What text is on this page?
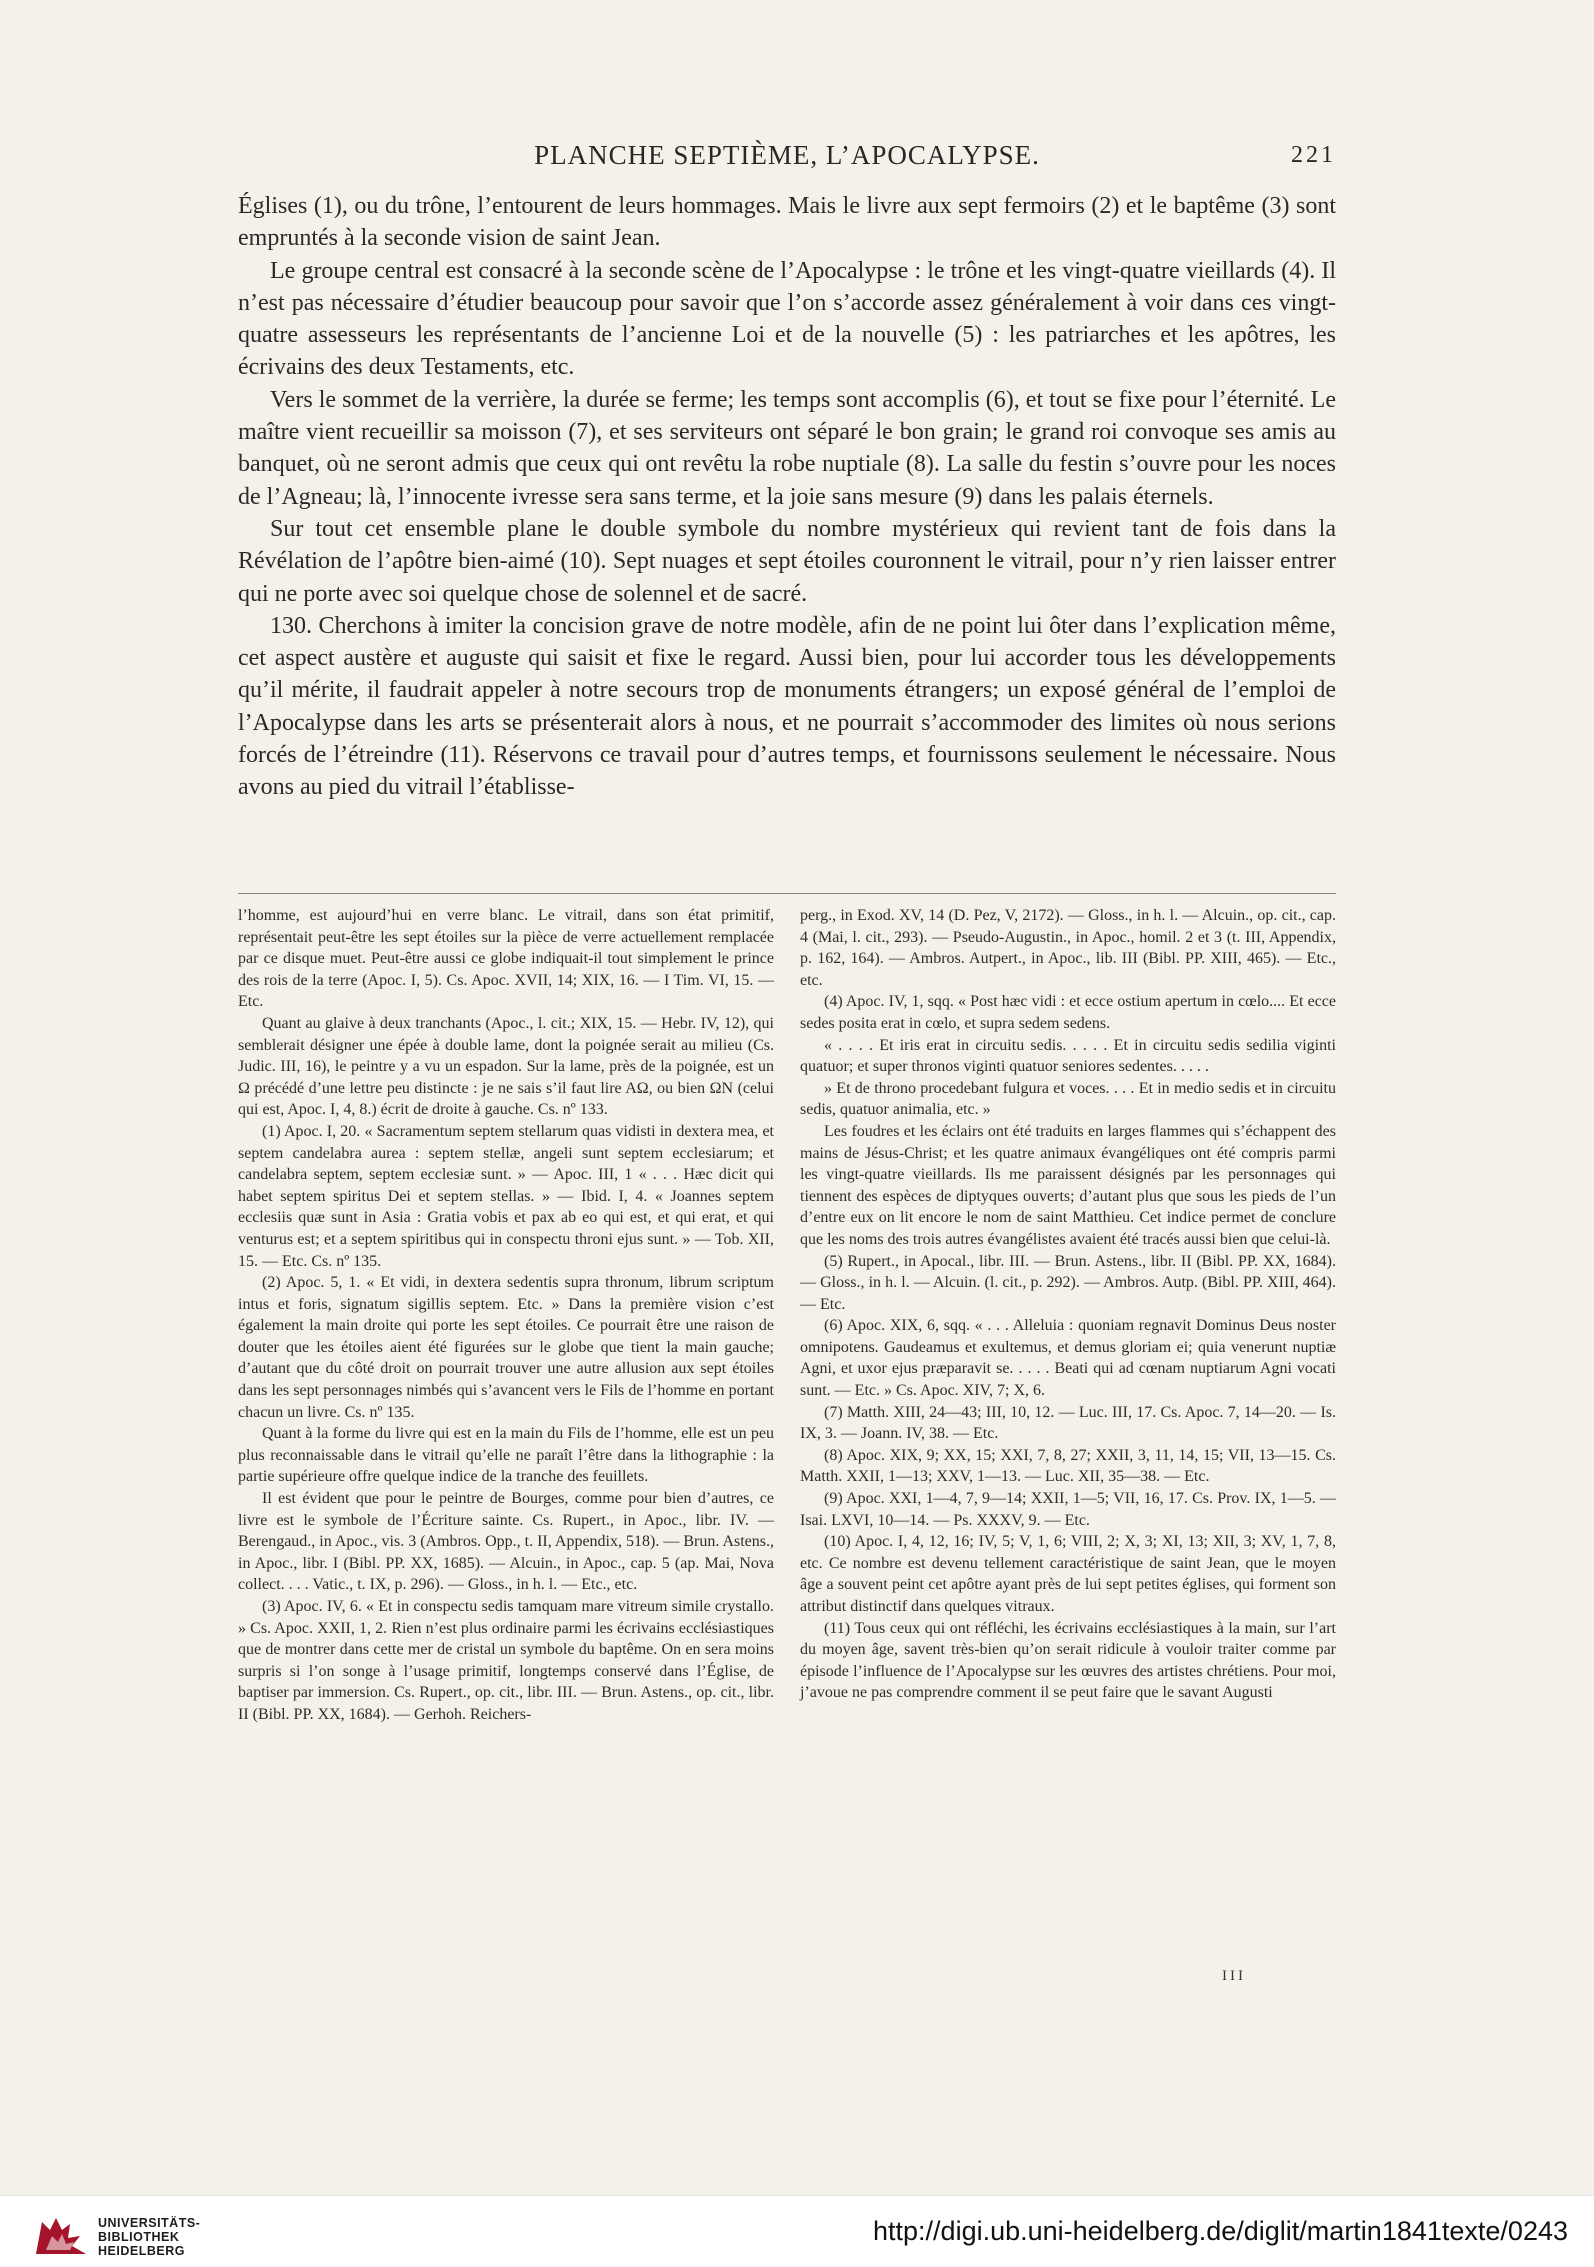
PLANCHE SEPTIÈME, L’APOCALYPSE.	221

Églises (1), ou du trône, l’entourent de leurs hommages. Mais le livre aux sept fermoirs (2) et le baptême (3) sont empruntés à la seconde vision de saint Jean.

Le groupe central est consacré à la seconde scène de l’Apocalypse : le trône et les vingt-quatre vieillards (4). Il n’est pas nécessaire d’étudier beaucoup pour savoir que l’on s’accorde assez généralement à voir dans ces vingt-quatre assesseurs les représentants de l’ancienne Loi et de la nouvelle (5) : les patriarches et les apôtres, les écrivains des deux Testaments, etc.

Vers le sommet de la verrière, la durée se ferme; les temps sont accomplis (6), et tout se fixe pour l’éternité. Le maître vient recueillir sa moisson (7), et ses serviteurs ont séparé le bon grain; le grand roi convoque ses amis au banquet, où ne seront admis que ceux qui ont revêtu la robe nuptiale (8). La salle du festin s’ouvre pour les noces de l’Agneau; là, l’innocente ivresse sera sans terme, et la joie sans mesure (9) dans les palais éternels.

Sur tout cet ensemble plane le double symbole du nombre mystérieux qui revient tant de fois dans la Révélation de l’apôtre bien-aimé (10). Sept nuages et sept étoiles couronnent le vitrail, pour n’y rien laisser entrer qui ne porte avec soi quelque chose de solennel et de sacré.

130. Cherchons à imiter la concision grave de notre modèle, afin de ne point lui ôter dans l’explication même, cet aspect austère et auguste qui saisit et fixe le regard. Aussi bien, pour lui accorder tous les développements qu’il mérite, il faudrait appeler à notre secours trop de monuments étrangers; un exposé général de l’emploi de l’Apocalypse dans les arts se présenterait alors à nous, et ne pourrait s’accommoder des limites où nous serions forcés de l’étreindre (11). Réservons ce travail pour d’autres temps, et fournissons seulement le nécessaire. Nous avons au pied du vitrail l’établisse-

l’homme, est aujourd’hui en verre blanc. Le vitrail, dans son état primitif, représentait peut-être les sept étoiles sur la pièce de verre actuellement remplacée par ce disque muet. Peut-être aussi ce globe indiquait-il tout simplement le prince des rois de la terre (Apoc. I, 5). Cs. Apoc. XVII, 14; XIX, 16. — I Tim. VI, 15. — Etc.

Quant au glaive à deux tranchants (Apoc., l. cit.; XIX, 15. — Hebr. IV, 12), qui semblerait désigner une épée à double lame, dont la poignée serait au milieu (Cs. Judic. III, 16), le peintre y a vu un espadon. Sur la lame, près de la poignée, est un Ω précédé d’une lettre peu distincte : je ne sais s’il faut lire AΩ, ou bien ΩN (celui qui est, Apoc. I, 4, 8.) écrit de droite à gauche. Cs. nº 133.

(1) Apoc. I, 20. « Sacramentum septem stellarum quas vidisti in dextera mea, et septem candelabra aurea : septem stellæ, angeli sunt septem ecclesiarum; et candelabra septem, septem ecclesiæ sunt. » — Apoc. III, 1 « . . . Hæc dicit qui habet septem spiritus Dei et septem stellas. » — Ibid. I, 4. « Joannes septem ecclesiis quæ sunt in Asia : Gratia vobis et pax ab eo qui est, et qui erat, et qui venturus est; et a septem spiritibus qui in conspectu throni ejus sunt. » — Tob. XII, 15. — Etc. Cs. nº 135.

(2) Apoc. 5, 1. « Et vidi, in dextera sedentis supra thronum, librum scriptum intus et foris, signatum sigillis septem. Etc. » Dans la première vision c’est également la main droite qui porte les sept étoiles. Ce pourrait être une raison de douter que les étoiles aient été figurées sur le globe que tient la main gauche; d’autant que du côté droit on pourrait trouver une autre allusion aux sept étoiles dans les sept personnages nimbés qui s’avancent vers le Fils de l’homme en portant chacun un livre. Cs. nº 135.

Quant à la forme du livre qui est en la main du Fils de l’homme, elle est un peu plus reconnaissable dans le vitrail qu’elle ne paraît l’être dans la lithographie : la partie supérieure offre quelque indice de la tranche des feuillets.

Il est évident que pour le peintre de Bourges, comme pour bien d’autres, ce livre est le symbole de l’Écriture sainte. Cs. Rupert., in Apoc., libr. IV. — Berengaud., in Apoc., vis. 3 (Ambros. Opp., t. II, Appendix, 518). — Brun. Astens., in Apoc., libr. I (Bibl. PP. XX, 1685). — Alcuin., in Apoc., cap. 5 (ap. Mai, Nova collect. . . . Vatic., t. IX, p. 296). — Gloss., in h. l. — Etc., etc.

(3) Apoc. IV, 6. « Et in conspectu sedis tamquam mare vitreum simile crystallo. » Cs. Apoc. XXII, 1, 2. Rien n’est plus ordinaire parmi les écrivains ecclésiastiques que de montrer dans cette mer de cristal un symbole du baptême. On en sera moins surpris si l’on songe à l’usage primitif, longtemps conservé dans l’Église, de baptiser par immersion. Cs. Rupert., op. cit., libr. III. — Brun. Astens., op. cit., libr. II (Bibl. PP. XX, 1684). — Gerhoh. Reichers-

perg., in Exod. XV, 14 (D. Pez, V, 2172). — Gloss., in h. l. — Alcuin., op. cit., cap. 4 (Mai, l. cit., 293). — Pseudo-Augustin., in Apoc., homil. 2 et 3 (t. III, Appendix, p. 162, 164). — Ambros. Autpert., in Apoc., lib. III (Bibl. PP. XIII, 465). — Etc., etc.

(4) Apoc. IV, 1, sqq. « Post hæc vidi : et ecce ostium apertum in cœlo.... Et ecce sedes posita erat in cœlo, et supra sedem sedens.

« . . . . Et iris erat in circuitu sedis. . . . . Et in circuitu sedis sedilia viginti quatuor; et super thronos viginti quatuor seniores sedentes. . . . .

» Et de throno procedebant fulgura et voces. . . . Et in medio sedis et in circuitu sedis, quatuor animalia, etc. »

Les foudres et les éclairs ont été traduits en larges flammes qui s’échappent des mains de Jésus-Christ; et les quatre animaux évangéliques ont été compris parmi les vingt-quatre vieillards. Ils me paraissent désignés par les personnages qui tiennent des espèces de diptyques ouverts; d’autant plus que sous les pieds de l’un d’entre eux on lit encore le nom de saint Matthieu. Cet indice permet de conclure que les noms des trois autres évangélistes avaient été tracés aussi bien que celui-là.

(5) Rupert., in Apocal., libr. III. — Brun. Astens., libr. II (Bibl. PP. XX, 1684). — Gloss., in h. l. — Alcuin. (l. cit., p. 292). — Ambros. Autp. (Bibl. PP. XIII, 464). — Etc.

(6) Apoc. XIX, 6, sqq. « . . . Alleluia : quoniam regnavit Dominus Deus noster omnipotens. Gaudeamus et exultemus, et demus gloriam ei; quia venerunt nuptiæ Agni, et uxor ejus præparavit se. . . . . Beati qui ad cœnam nuptiarum Agni vocati sunt. — Etc. » Cs. Apoc. XIV, 7; X, 6.

(7) Matth. XIII, 24—43; III, 10, 12. — Luc. III, 17. Cs. Apoc. 7, 14—20. — Is. IX, 3. — Joann. IV, 38. — Etc.

(8) Apoc. XIX, 9; XX, 15; XXI, 7, 8, 27; XXII, 3, 11, 14, 15; VII, 13—15. Cs. Matth. XXII, 1—13; XXV, 1—13. — Luc. XII, 35—38. — Etc.

(9) Apoc. XXI, 1—4, 7, 9—14; XXII, 1—5; VII, 16, 17. Cs. Prov. IX, 1—5. — Isai. LXVI, 10—14. — Ps. XXXV, 9. — Etc.

(10) Apoc. I, 4, 12, 16; IV, 5; V, 1, 6; VIII, 2; X, 3; XI, 13; XII, 3; XV, 1, 7, 8, etc. Ce nombre est devenu tellement caractéristique de saint Jean, que le moyen âge a souvent peint cet apôtre ayant près de lui sept petites églises, qui forment son attribut distinctif dans quelques vitraux.

(11) Tous ceux qui ont réfléchi, les écrivains ecclésiastiques à la main, sur l’art du moyen âge, savent très-bien qu’on serait ridicule à vouloir traiter comme par épisode l’influence de l’Apocalypse sur les œuvres des artistes chrétiens. Pour moi, j’avoue ne pas comprendre comment il se peut faire que le savant Augusti

III
UNIVERSITÄTS-
BIBLIOTHEK
HEIDELBERG
http://digi.ub.uni-heidelberg.de/diglit/martin1841texte/0243
